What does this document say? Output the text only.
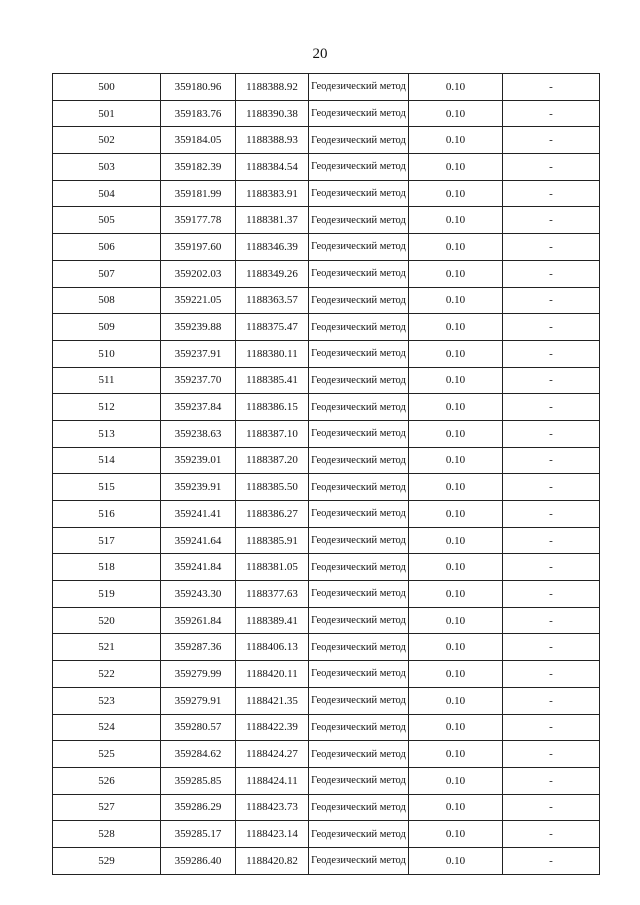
20
500	359180.96	1188388.92	Геодезический метод	0.10	-
501	359183.76	1188390.38	Геодезический метод	0.10	-
502	359184.05	1188388.93	Геодезический метод	0.10	-
503	359182.39	1188384.54	Геодезический метод	0.10	-
504	359181.99	1188383.91	Геодезический метод	0.10	-
505	359177.78	1188381.37	Геодезический метод	0.10	-
506	359197.60	1188346.39	Геодезический метод	0.10	-
507	359202.03	1188349.26	Геодезический метод	0.10	-
508	359221.05	1188363.57	Геодезический метод	0.10	-
509	359239.88	1188375.47	Геодезический метод	0.10	-
510	359237.91	1188380.11	Геодезический метод	0.10	-
511	359237.70	1188385.41	Геодезический метод	0.10	-
512	359237.84	1188386.15	Геодезический метод	0.10	-
513	359238.63	1188387.10	Геодезический метод	0.10	-
514	359239.01	1188387.20	Геодезический метод	0.10	-
515	359239.91	1188385.50	Геодезический метод	0.10	-
516	359241.41	1188386.27	Геодезический метод	0.10	-
517	359241.64	1188385.91	Геодезический метод	0.10	-
518	359241.84	1188381.05	Геодезический метод	0.10	-
519	359243.30	1188377.63	Геодезический метод	0.10	-
520	359261.84	1188389.41	Геодезический метод	0.10	-
521	359287.36	1188406.13	Геодезический метод	0.10	-
522	359279.99	1188420.11	Геодезический метод	0.10	-
523	359279.91	1188421.35	Геодезический метод	0.10	-
524	359280.57	1188422.39	Геодезический метод	0.10	-
525	359284.62	1188424.27	Геодезический метод	0.10	-
526	359285.85	1188424.11	Геодезический метод	0.10	-
527	359286.29	1188423.73	Геодезический метод	0.10	-
528	359285.17	1188423.14	Геодезический метод	0.10	-
529	359286.40	1188420.82	Геодезический метод	0.10	-
